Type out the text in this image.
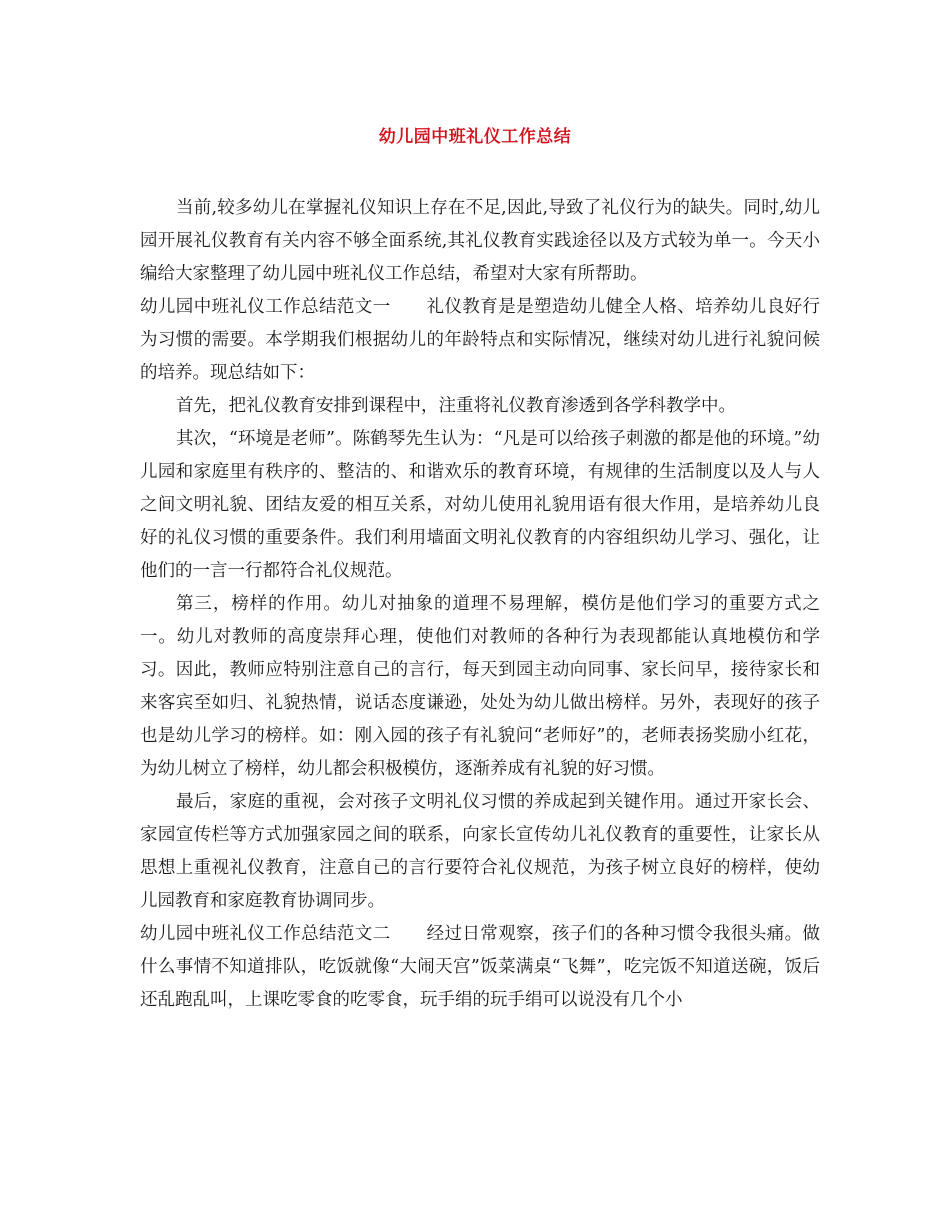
幼儿园中班礼仪工作总结

当前,较多幼儿在掌握礼仪知识上存在不足,因此,导致了礼仪行为的缺失。同时,幼儿园开展礼仪教育有关内容不够全面系统,其礼仪教育实践途径以及方式较为单一。今天小编给大家整理了幼儿园中班礼仪工作总结，希望对大家有所帮助。

幼儿园中班礼仪工作总结范文一 礼仪教育是是塑造幼儿健全人格、培养幼儿良好行为习惯的需要。本学期我们根据幼儿的年龄特点和实际情况，继续对幼儿进行礼貌问候的培养。现总结如下：

首先，把礼仪教育安排到课程中，注重将礼仪教育渗透到各学科教学中。

其次，“环境是老师”。陈鹤琴先生认为：“凡是可以给孩子刺激的都是他的环境。”幼儿园和家庭里有秩序的、整洁的、和谐欢乐的教育环境，有规律的生活制度以及人与人之间文明礼貌、团结友爱的相互关系，对幼儿使用礼貌用语有很大作用，是培养幼儿良好的礼仪习惯的重要条件。我们利用墙面文明礼仪教育的内容组织幼儿学习、强化，让他们的一言一行都符合礼仪规范。

第三，榜样的作用。幼儿对抽象的道理不易理解，模仿是他们学习的重要方式之一。幼儿对教师的高度崇拜心理，使他们对教师的各种行为表现都能认真地模仿和学习。因此，教师应特别注意自己的言行，每天到园主动向同事、家长问早，接待家长和来客宾至如归、礼貌热情，说话态度谦逊，处处为幼儿做出榜样。另外，表现好的孩子也是幼儿学习的榜样。如：刚入园的孩子有礼貌问“老师好”的，老师表扬奖励小红花，为幼儿树立了榜样，幼儿都会积极模仿，逐渐养成有礼貌的好习惯。

最后，家庭的重视，会对孩子文明礼仪习惯的养成起到关键作用。通过开家长会、家园宣传栏等方式加强家园之间的联系，向家长宣传幼儿礼仪教育的重要性，让家长从思想上重视礼仪教育，注意自己的言行要符合礼仪规范，为孩子树立良好的榜样，使幼儿园教育和家庭教育协调同步。

幼儿园中班礼仪工作总结范文二 经过日常观察，孩子们的各种习惯令我很头痛。做什么事情不知道排队，吃饭就像“大闹天宫”饭菜满桌“飞舞”，吃完饭不知道送碗，饭后还乱跑乱叫，上课吃零食的吃零食，玩手绢的玩手绢可以说没有几个小
